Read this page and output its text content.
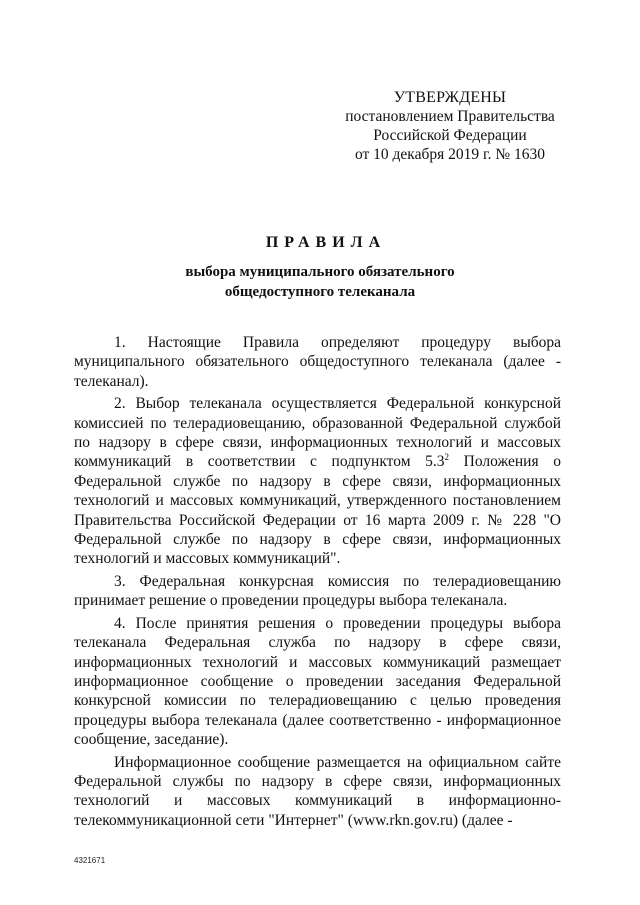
УТВЕРЖДЕНЫ
постановлением Правительства
Российской Федерации
от 10 декабря 2019 г. № 1630
ПРАВИЛА
выбора муниципального обязательного
общедоступного телеканала

1. Настоящие Правила определяют процедуру выбора муниципального обязательного общедоступного телеканала (далее - телеканал).

2. Выбор телеканала осуществляется Федеральной конкурсной комиссией по телерадиовещанию, образованной Федеральной службой по надзору в сфере связи, информационных технологий и массовых коммуникаций в соответствии с подпунктом $5.3^2$ Положения о Федеральной службе по надзору в сфере связи, информационных технологий и массовых коммуникаций, утвержденного постановлением Правительства Российской Федерации от 16 марта 2009 г. № 228 "О Федеральной службе по надзору в сфере связи, информационных технологий и массовых коммуникаций".

3. Федеральная конкурсная комиссия по телерадиовещанию принимает решение о проведении процедуры выбора телеканала.

4. После принятия решения о проведении процедуры выбора телеканала Федеральная служба по надзору в сфере связи, информационных технологий и массовых коммуникаций размещает информационное сообщение о проведении заседания Федеральной конкурсной комиссии по телерадиовещанию с целью проведения процедуры выбора телеканала (далее соответственно - информационное сообщение, заседание).

Информационное сообщение размещается на официальном сайте Федеральной службы по надзору в сфере связи, информационных технологий и массовых коммуникаций в информационно-телекоммуникационной сети "Интернет" (www.rkn.gov.ru) (далее -

4321671
